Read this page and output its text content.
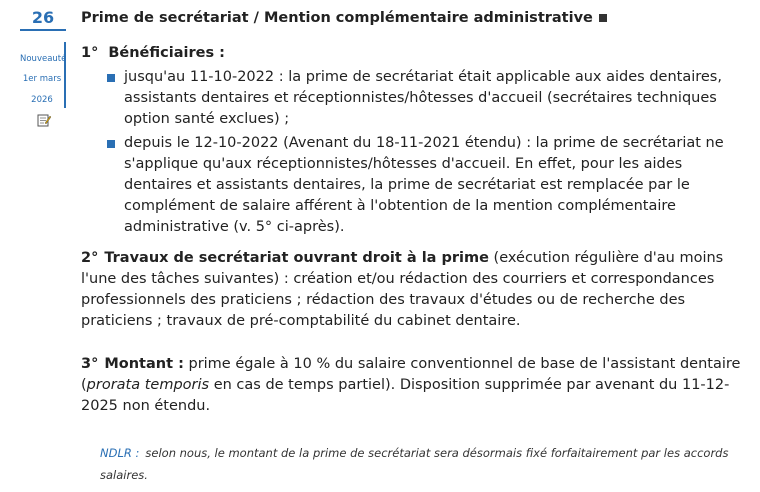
26
Nouveauté
1er mars
2026
Prime de secrétariat / Mention complémentaire administrative
1° Bénéficiaires :
jusqu'au 11-10-2022 : la prime de secrétariat était applicable aux aides dentaires, assistants dentaires et réceptionnistes/hôtesses d'accueil (secrétaires techniques option santé exclues) ;
depuis le 12-10-2022 (Avenant du 18-11-2021 étendu) : la prime de secrétariat ne s'applique qu'aux réceptionnistes/hôtesses d'accueil. En effet, pour les aides dentaires et assistants dentaires, la prime de secrétariat est remplacée par le complément de salaire afférent à l'obtention de la mention complémentaire administrative (v. 5° ci-après).
2° Travaux de secrétariat ouvrant droit à la prime (exécution régulière d'au moins l'une des tâches suivantes) : création et/ou rédaction des courriers et correspondances professionnels des praticiens ; rédaction des travaux d'études ou de recherche des praticiens ; travaux de pré-comptabilité du cabinet dentaire.
3° Montant : prime égale à 10 % du salaire conventionnel de base de l'assistant dentaire (prorata temporis en cas de temps partiel). Disposition supprimée par avenant du 11-12-2025 non étendu.
NDLR : selon nous, le montant de la prime de secrétariat sera désormais fixé forfaitairement par les accords salaires.
